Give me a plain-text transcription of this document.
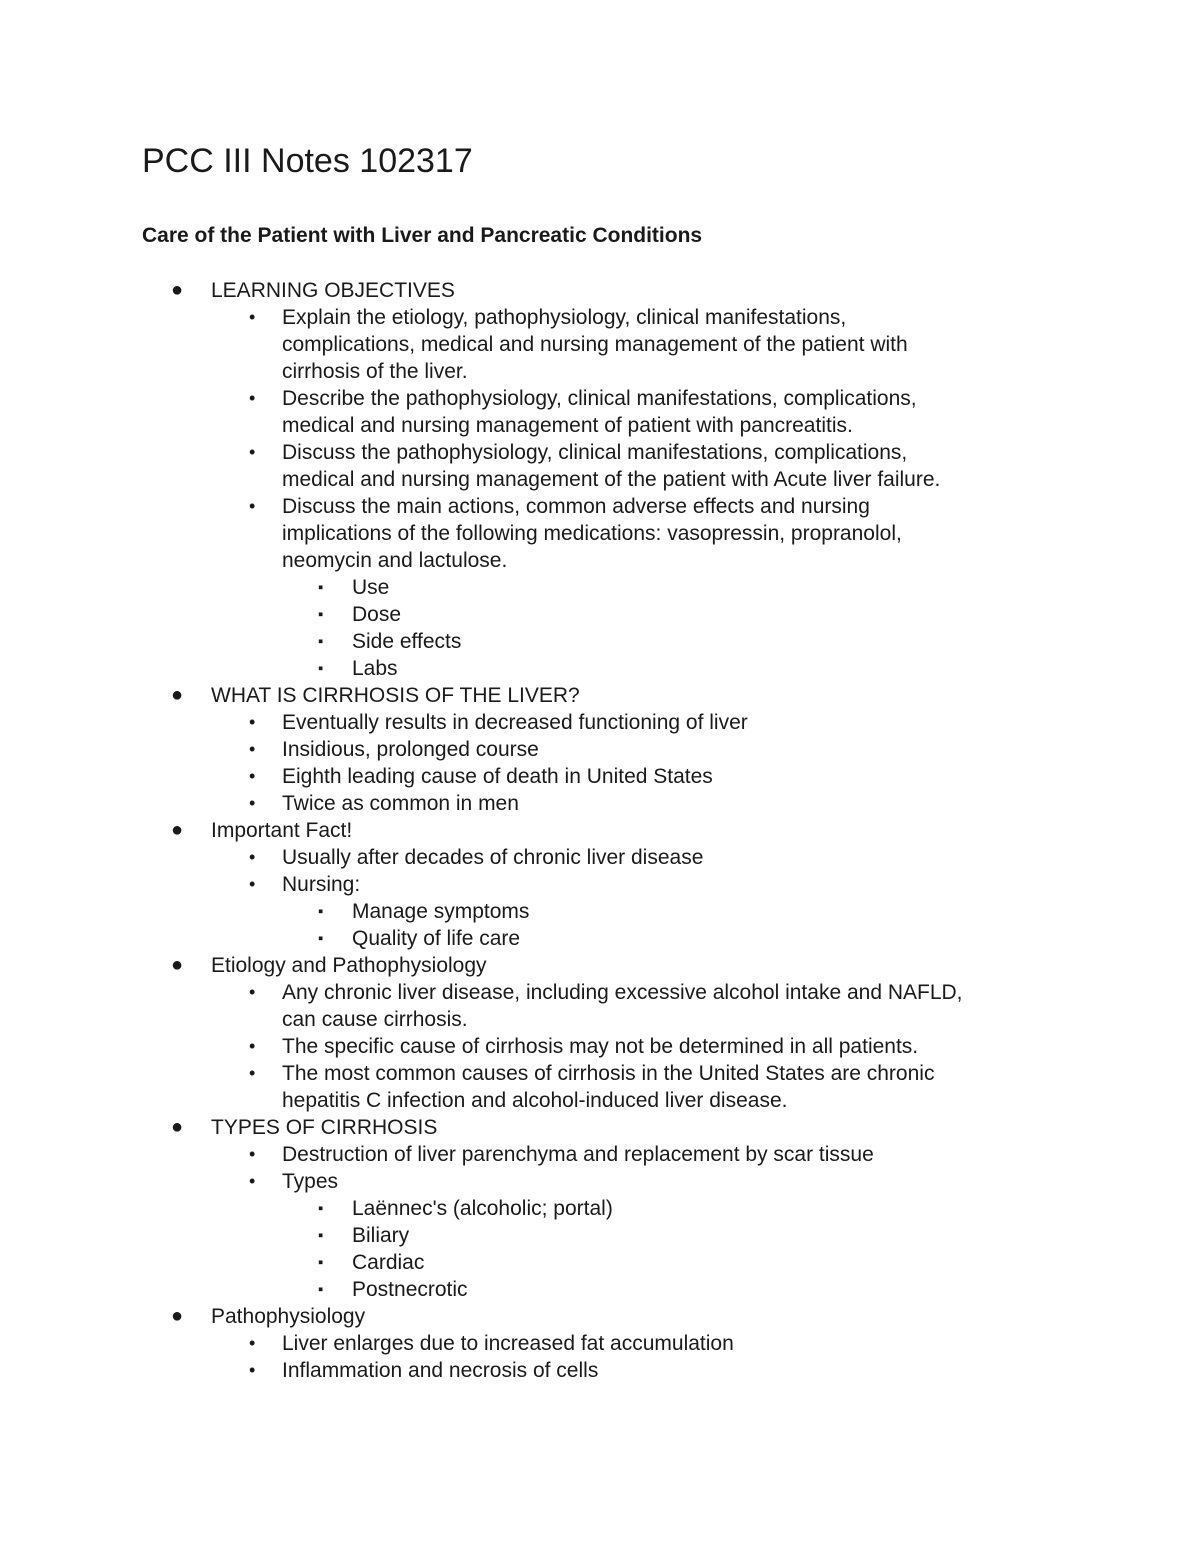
PCC III Notes 102317
Care of the Patient with Liver and Pancreatic Conditions
● LEARNING OBJECTIVES
• Explain the etiology, pathophysiology, clinical manifestations,
complications, medical and nursing management of the patient with
cirrhosis of the liver.
• Describe the pathophysiology, clinical manifestations, complications,
medical and nursing management of patient with pancreatitis.
• Discuss the pathophysiology, clinical manifestations, complications,
medical and nursing management of the patient with Acute liver failure.
• Discuss the main actions, common adverse effects and nursing
implications of the following medications: vasopressin, propranolol,
neomycin and lactulose.
▪ Use
▪ Dose
▪ Side effects
▪ Labs
● WHAT IS CIRRHOSIS OF THE LIVER?
• Eventually results in decreased functioning of liver
• Insidious, prolonged course
• Eighth leading cause of death in United States
• Twice as common in men
● Important Fact!
• Usually after decades of chronic liver disease
• Nursing:
▪ Manage symptoms
▪ Quality of life care
● Etiology and Pathophysiology
• Any chronic liver disease, including excessive alcohol intake and NAFLD,
can cause cirrhosis.
• The specific cause of cirrhosis may not be determined in all patients.
• The most common causes of cirrhosis in the United States are chronic
hepatitis C infection and alcohol-induced liver disease.
● TYPES OF CIRRHOSIS
• Destruction of liver parenchyma and replacement by scar tissue
• Types
▪ Laënnec's (alcoholic; portal)
▪ Biliary
▪ Cardiac
▪ Postnecrotic
● Pathophysiology
• Liver enlarges due to increased fat accumulation
• Inflammation and necrosis of cells
